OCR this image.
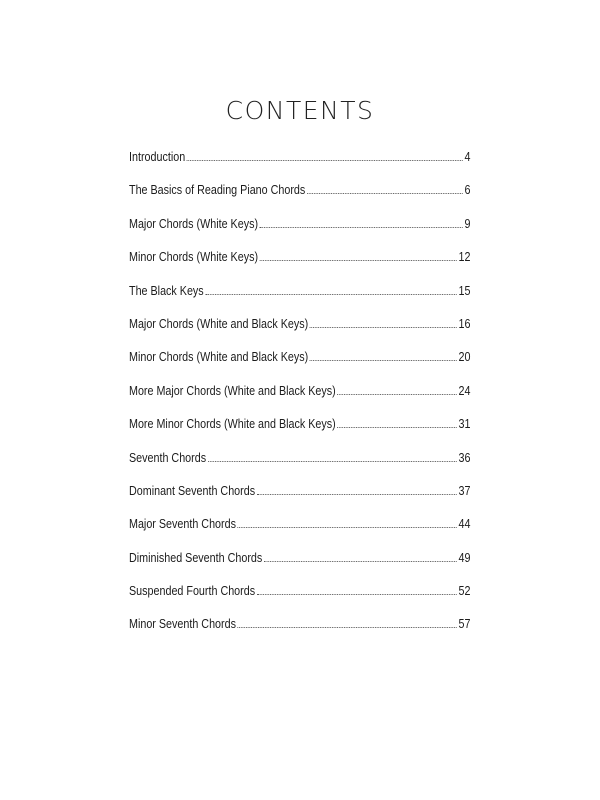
CONTENTS
Introduction	4
The Basics of Reading Piano Chords	6
Major Chords (White Keys)	9
Minor Chords (White Keys)	12
The Black Keys	15
Major Chords (White and Black Keys)	16
Minor Chords (White and Black Keys)	20
More Major Chords (White and Black Keys)	24
More Minor Chords (White and Black Keys)	31
Seventh Chords	36
Dominant Seventh Chords	37
Major Seventh Chords	44
Diminished Seventh Chords	49
Suspended Fourth Chords	52
Minor Seventh Chords	57
